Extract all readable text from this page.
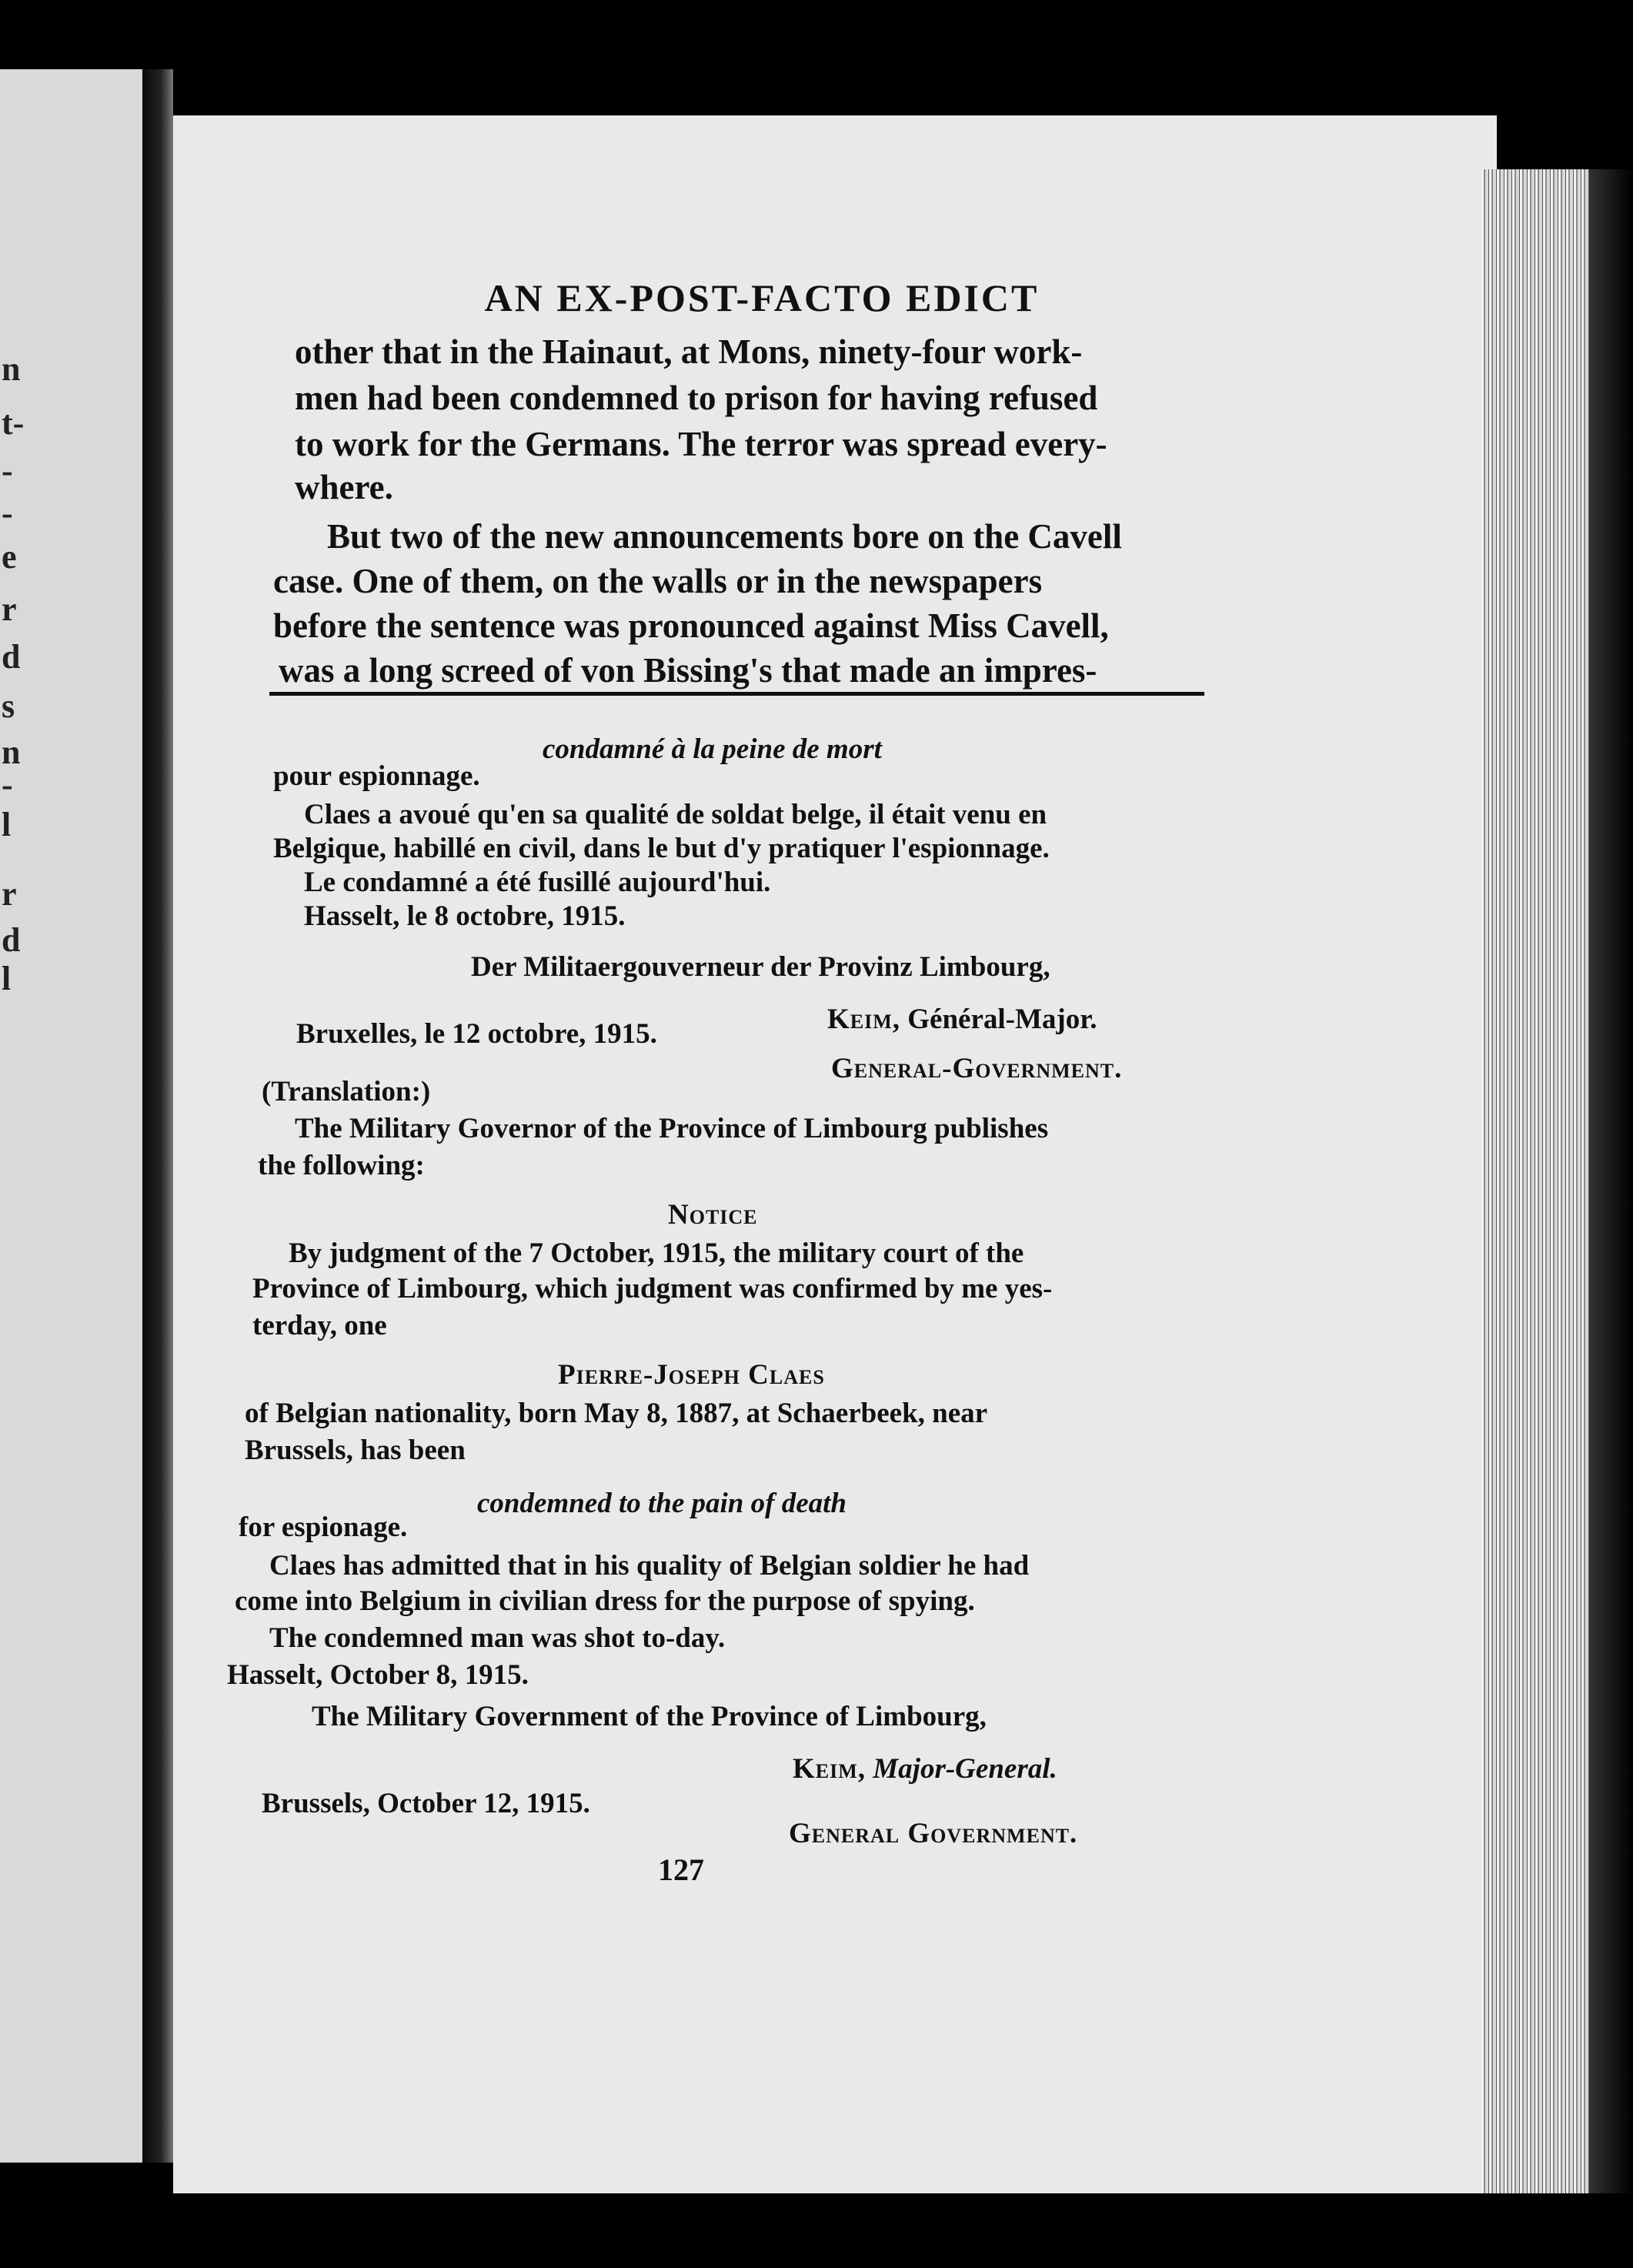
n
t-
-
-
e
r
d
s
n
-
l
r
d
l
AN EX-POST-FACTO EDICT
other that in the Hainaut, at Mons, ninety-four work-
men had been condemned to prison for having refused
to work for the Germans. The terror was spread every-
where.
But two of the new announcements bore on the Cavell
case. One of them, on the walls or in the newspapers
before the sentence was pronounced against Miss Cavell,
was a long screed of von Bissing's that made an impres-
condamné à la peine de mort
pour espionnage.
Claes a avoué qu'en sa qualité de soldat belge, il était venu en
Belgique, habillé en civil, dans le but d'y pratiquer l'espionnage.
Le condamné a été fusillé aujourd'hui.
Hasselt, le 8 octobre, 1915.
Der Militaergouverneur der Provinz Limbourg,
Keim, Général-Major.
Bruxelles, le 12 octobre, 1915.
General-Government.
(Translation:)
The Military Governor of the Province of Limbourg publishes
the following:
Notice
By judgment of the 7 October, 1915, the military court of the
Province of Limbourg, which judgment was confirmed by me yes-
terday, one
Pierre-Joseph Claes
of Belgian nationality, born May 8, 1887, at Schaerbeek, near
Brussels, has been
condemned to the pain of death
for espionage.
Claes has admitted that in his quality of Belgian soldier he had
come into Belgium in civilian dress for the purpose of spying.
The condemned man was shot to-day.
Hasselt, October 8, 1915.
The Military Government of the Province of Limbourg,
Keim, Major-General.
Brussels, October 12, 1915.
General Government.
127
